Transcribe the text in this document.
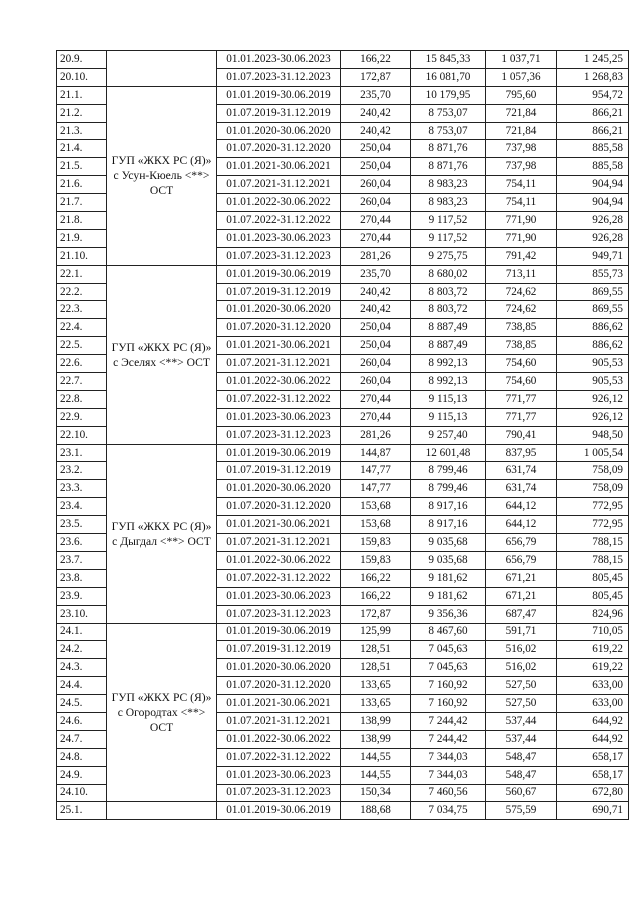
20.9.		01.01.2023-30.06.2023	166,22	15 845,33	1 037,71	1 245,25
20.10.		01.07.2023-31.12.2023	172,87	16 081,70	1 057,36	1 268,83
21.1.	ГУП «ЖКХ РС (Я)» с Усун-Кюель <**> ОСТ	01.01.2019-30.06.2019	235,70	10 179,95	795,60	954,72
21.2.		01.07.2019-31.12.2019	240,42	8 753,07	721,84	866,21
21.3.		01.01.2020-30.06.2020	240,42	8 753,07	721,84	866,21
21.4.		01.07.2020-31.12.2020	250,04	8 871,76	737,98	885,58
21.5.		01.01.2021-30.06.2021	250,04	8 871,76	737,98	885,58
21.6.		01.07.2021-31.12.2021	260,04	8 983,23	754,11	904,94
21.7.		01.01.2022-30.06.2022	260,04	8 983,23	754,11	904,94
21.8.		01.07.2022-31.12.2022	270,44	9 117,52	771,90	926,28
21.9.		01.01.2023-30.06.2023	270,44	9 117,52	771,90	926,28
21.10.		01.07.2023-31.12.2023	281,26	9 275,75	791,42	949,71
22.1.	ГУП «ЖКХ РС (Я)» с Эселях <**> ОСТ	01.01.2019-30.06.2019	235,70	8 680,02	713,11	855,73
22.2.		01.07.2019-31.12.2019	240,42	8 803,72	724,62	869,55
22.3.		01.01.2020-30.06.2020	240,42	8 803,72	724,62	869,55
22.4.		01.07.2020-31.12.2020	250,04	8 887,49	738,85	886,62
22.5.		01.01.2021-30.06.2021	250,04	8 887,49	738,85	886,62
22.6.		01.07.2021-31.12.2021	260,04	8 992,13	754,60	905,53
22.7.		01.01.2022-30.06.2022	260,04	8 992,13	754,60	905,53
22.8.		01.07.2022-31.12.2022	270,44	9 115,13	771,77	926,12
22.9.		01.01.2023-30.06.2023	270,44	9 115,13	771,77	926,12
22.10.		01.07.2023-31.12.2023	281,26	9 257,40	790,41	948,50
23.1.	ГУП «ЖКХ РС (Я)» с Дыгдал <**> ОСТ	01.01.2019-30.06.2019	144,87	12 601,48	837,95	1 005,54
23.2.		01.07.2019-31.12.2019	147,77	8 799,46	631,74	758,09
23.3.		01.01.2020-30.06.2020	147,77	8 799,46	631,74	758,09
23.4.		01.07.2020-31.12.2020	153,68	8 917,16	644,12	772,95
23.5.		01.01.2021-30.06.2021	153,68	8 917,16	644,12	772,95
23.6.		01.07.2021-31.12.2021	159,83	9 035,68	656,79	788,15
23.7.		01.01.2022-30.06.2022	159,83	9 035,68	656,79	788,15
23.8.		01.07.2022-31.12.2022	166,22	9 181,62	671,21	805,45
23.9.		01.01.2023-30.06.2023	166,22	9 181,62	671,21	805,45
23.10.		01.07.2023-31.12.2023	172,87	9 356,36	687,47	824,96
24.1.	ГУП «ЖКХ РС (Я)» с Огородтах <**> ОСТ	01.01.2019-30.06.2019	125,99	8 467,60	591,71	710,05
24.2.		01.07.2019-31.12.2019	128,51	7 045,63	516,02	619,22
24.3.		01.01.2020-30.06.2020	128,51	7 045,63	516,02	619,22
24.4.		01.07.2020-31.12.2020	133,65	7 160,92	527,50	633,00
24.5.		01.01.2021-30.06.2021	133,65	7 160,92	527,50	633,00
24.6.		01.07.2021-31.12.2021	138,99	7 244,42	537,44	644,92
24.7.		01.01.2022-30.06.2022	138,99	7 244,42	537,44	644,92
24.8.		01.07.2022-31.12.2022	144,55	7 344,03	548,47	658,17
24.9.		01.01.2023-30.06.2023	144,55	7 344,03	548,47	658,17
24.10.		01.07.2023-31.12.2023	150,34	7 460,56	560,67	672,80
25.1.		01.01.2019-30.06.2019	188,68	7 034,75	575,59	690,71
